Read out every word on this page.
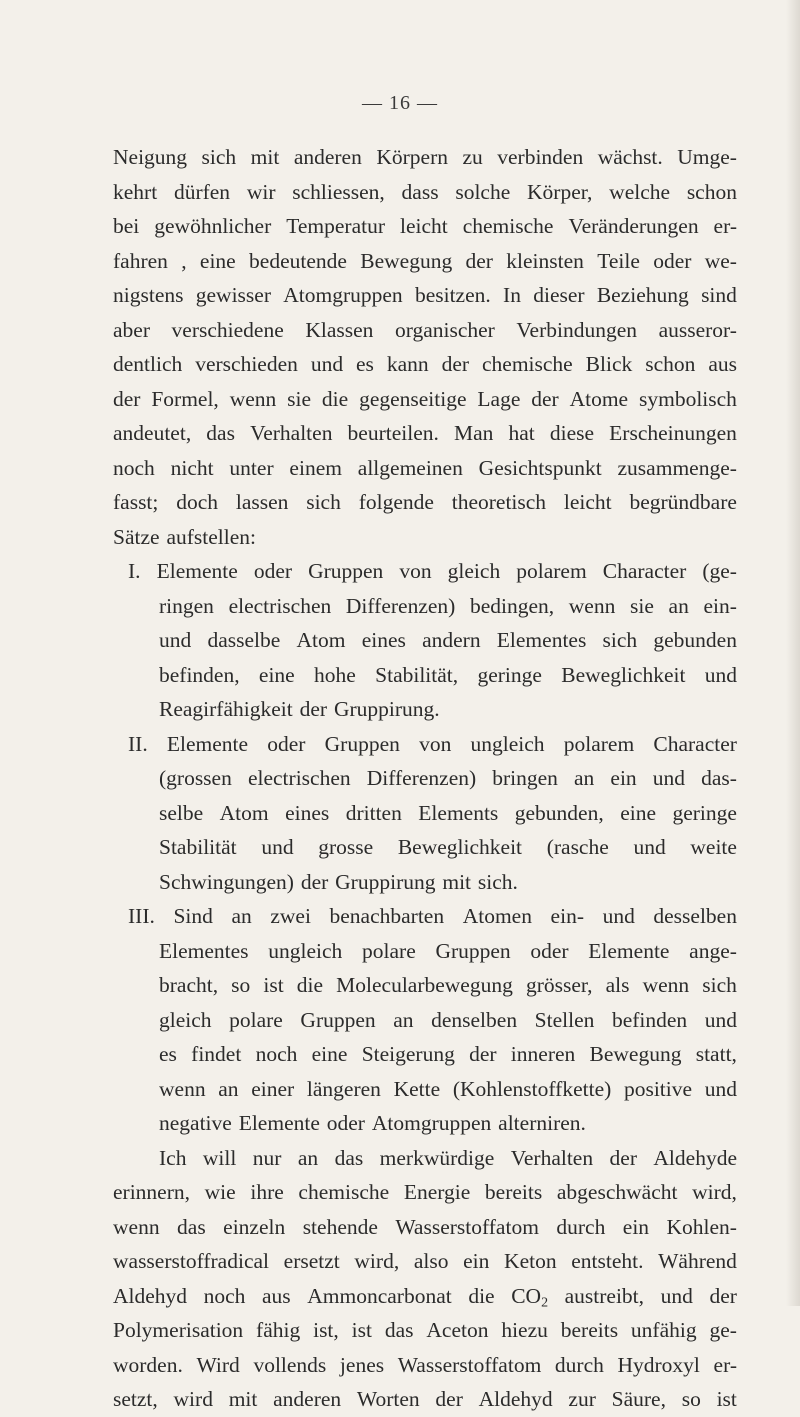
— 16 —
Neigung sich mit anderen Körpern zu verbinden wächst. Umge-
kehrt dürfen wir schliessen, dass solche Körper, welche schon
bei gewöhnlicher Temperatur leicht chemische Veränderungen er-
fahren , eine bedeutende Bewegung der kleinsten Teile oder we-
nigstens gewisser Atomgruppen besitzen. In dieser Beziehung sind
aber verschiedene Klassen organischer Verbindungen ausseror-
dentlich verschieden und es kann der chemische Blick schon aus
der Formel, wenn sie die gegenseitige Lage der Atome symbolisch
andeutet, das Verhalten beurteilen. Man hat diese Erscheinungen
noch nicht unter einem allgemeinen Gesichtspunkt zusammenge-
fasst; doch lassen sich folgende theoretisch leicht begründbare
Sätze aufstellen:
I. Elemente oder Gruppen von gleich polarem Character (ge-
ringen electrischen Differenzen) bedingen, wenn sie an ein-
und dasselbe Atom eines andern Elementes sich gebunden
befinden, eine hohe Stabilität, geringe Beweglichkeit und
Reagirfähigkeit der Gruppirung.
II. Elemente oder Gruppen von ungleich polarem Character
(grossen electrischen Differenzen) bringen an ein und das-
selbe Atom eines dritten Elements gebunden, eine geringe
Stabilität und grosse Beweglichkeit (rasche und weite
Schwingungen) der Gruppirung mit sich.
III. Sind an zwei benachbarten Atomen ein- und desselben
Elementes ungleich polare Gruppen oder Elemente ange-
bracht, so ist die Molecularbewegung grösser, als wenn sich
gleich polare Gruppen an denselben Stellen befinden und
es findet noch eine Steigerung der inneren Bewegung statt,
wenn an einer längeren Kette (Kohlenstoffkette) positive und
negative Elemente oder Atomgruppen alterniren.
Ich will nur an das merkwürdige Verhalten der Aldehyde
erinnern, wie ihre chemische Energie bereits abgeschwächt wird,
wenn das einzeln stehende Wasserstoffatom durch ein Kohlen-
wasserstoffradical ersetzt wird, also ein Keton entsteht. Während
Aldehyd noch aus Ammoncarbonat die $CO_2$ austreibt, und der
Polymerisation fähig ist, ist das Aceton hiezu bereits unfähig ge-
worden. Wird vollends jenes Wasserstoffatom durch Hydroxyl er-
setzt, wird mit anderen Worten der Aldehyd zur Säure, so ist
